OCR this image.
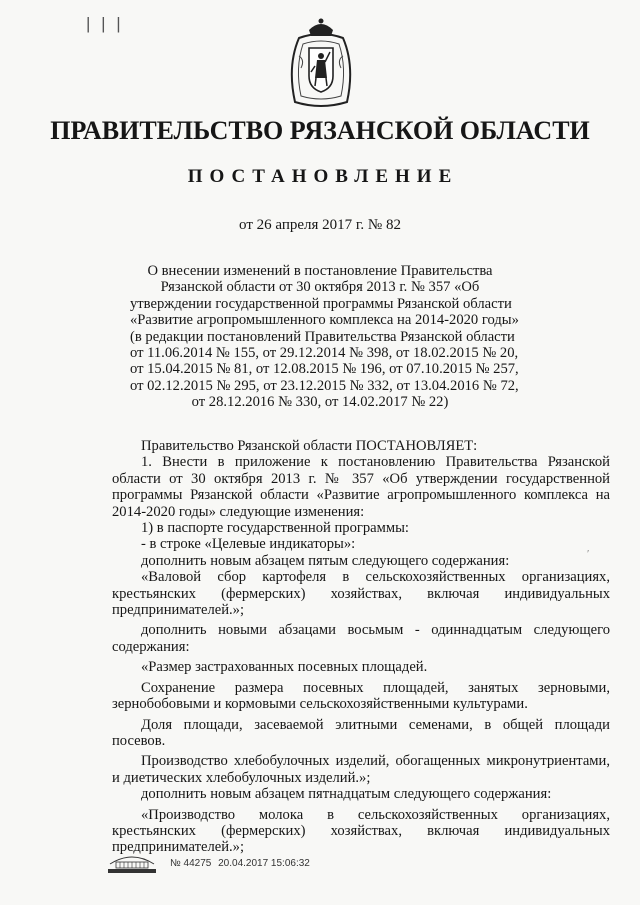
| | |
ПРАВИТЕЛЬСТВО РЯЗАНСКОЙ ОБЛАСТИ
ПОСТАНОВЛЕНИЕ
от 26 апреля 2017 г. № 82
О внесении изменений в постановление Правительства
Рязанской области от 30 октября 2013 г. № 357 «Об
утверждении государственной программы Рязанской области
«Развитие агропромышленного комплекса на 2014-2020 годы»
(в редакции постановлений Правительства Рязанской области
от 11.06.2014 № 155, от 29.12.2014 № 398, от 18.02.2015 № 20,
от 15.04.2015 № 81, от 12.08.2015 № 196, от 07.10.2015 № 257,
от 02.12.2015 № 295, от 23.12.2015 № 332, от 13.04.2016 № 72,
от 28.12.2016 № 330, от 14.02.2017 № 22)

Правительство Рязанской области ПОСТАНОВЛЯЕТ:

1. Внести в приложение к постановлению Правительства Рязанской области от 30 октября 2013 г. № 357 «Об утверждении государственной программы Рязанской области «Развитие агропромышленного комплекса на 2014-2020 годы» следующие изменения:

1) в паспорте государственной программы:

- в строке «Целевые индикаторы»:

дополнить новым абзацем пятым следующего содержания:

«Валовой сбор картофеля в сельскохозяйственных организациях, крестьянских (фермерских) хозяйствах, включая индивидуальных предпринимателей.»;

дополнить новыми абзацами восьмым - одиннадцатым следующего содержания:

«Размер застрахованных посевных площадей.

Сохранение размера посевных площадей, занятых зерновыми, зернобобовыми и кормовыми сельскохозяйственными культурами.

Доля площади, засеваемой элитными семенами, в общей площади посевов.

Производство хлебобулочных изделий, обогащенных микронутриентами, и диетических хлебобулочных изделий.»;

дополнить новым абзацем пятнадцатым следующего содержания:

«Производство молока в сельскохозяйственных организациях, крестьянских (фермерских) хозяйствах, включая индивидуальных предпринимателей.»;

′
№ 44275 20.04.2017 15:06:32
